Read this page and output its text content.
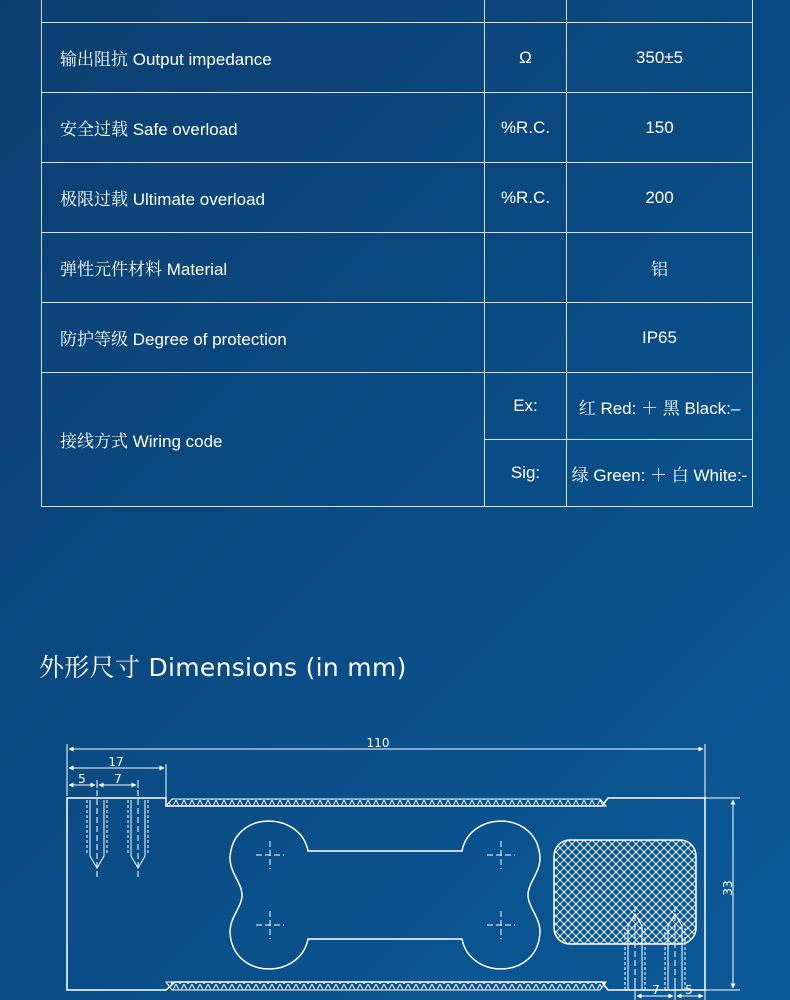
输出阻抗 Output impedance	Ω	350±5
安全过载 Safe overload	%R.C.	150
极限过载 Ultimate overload	%R.C.	200
弹性元件材料 Material		铝
防护等级 Degree of protection		IP65
接线方式 Wiring code	Ex:	红 Red: ＋ 黑 Black:–
	Sig:	绿 Green: ＋ 白 White:-
外形尺寸 Dimensions (in mm)
110
17
5 7
33
7 5
